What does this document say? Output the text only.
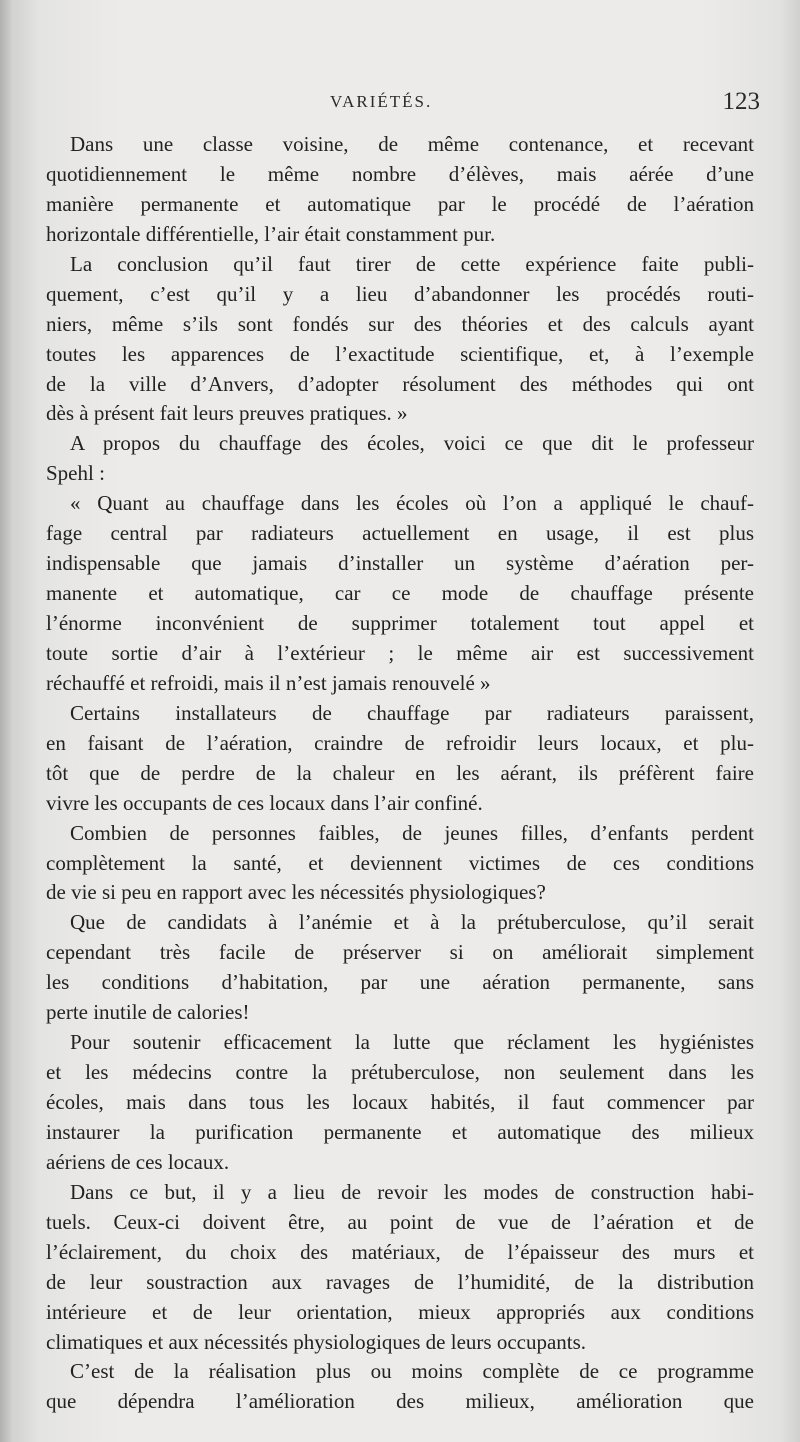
VARIÉTÉS.	123
Dans une classe voisine, de même contenance, et recevant
quotidiennement le même nombre d’élèves, mais aérée d’une
manière permanente et automatique par le procédé de l’aération
horizontale différentielle, l’air était constamment pur.
La conclusion qu’il faut tirer de cette expérience faite publi-
quement, c’est qu’il y a lieu d’abandonner les procédés routi-
niers, même s’ils sont fondés sur des théories et des calculs ayant
toutes les apparences de l’exactitude scientifique, et, à l’exemple
de la ville d’Anvers, d’adopter résolument des méthodes qui ont
dès à présent fait leurs preuves pratiques. »
A propos du chauffage des écoles, voici ce que dit le professeur
Spehl :
« Quant au chauffage dans les écoles où l’on a appliqué le chauf-
fage central par radiateurs actuellement en usage, il est plus
indispensable que jamais d’installer un système d’aération per-
manente et automatique, car ce mode de chauffage présente
l’énorme inconvénient de supprimer totalement tout appel et
toute sortie d’air à l’extérieur ; le même air est successivement
réchauffé et refroidi, mais il n’est jamais renouvelé »
Certains installateurs de chauffage par radiateurs paraissent,
en faisant de l’aération, craindre de refroidir leurs locaux, et plu-
tôt que de perdre de la chaleur en les aérant, ils préfèrent faire
vivre les occupants de ces locaux dans l’air confiné.
Combien de personnes faibles, de jeunes filles, d’enfants perdent
complètement la santé, et deviennent victimes de ces conditions
de vie si peu en rapport avec les nécessités physiologiques?
Que de candidats à l’anémie et à la prétuberculose, qu’il serait
cependant très facile de préserver si on améliorait simplement
les conditions d’habitation, par une aération permanente, sans
perte inutile de calories!
Pour soutenir efficacement la lutte que réclament les hygiénistes
et les médecins contre la prétuberculose, non seulement dans les
écoles, mais dans tous les locaux habités, il faut commencer par
instaurer la purification permanente et automatique des milieux
aériens de ces locaux.
Dans ce but, il y a lieu de revoir les modes de construction habi-
tuels. Ceux-ci doivent être, au point de vue de l’aération et de
l’éclairement, du choix des matériaux, de l’épaisseur des murs et
de leur soustraction aux ravages de l’humidité, de la distribution
intérieure et de leur orientation, mieux appropriés aux conditions
climatiques et aux nécessités physiologiques de leurs occupants.
C’est de la réalisation plus ou moins complète de ce programme
que dépendra l’amélioration des milieux, amélioration que
